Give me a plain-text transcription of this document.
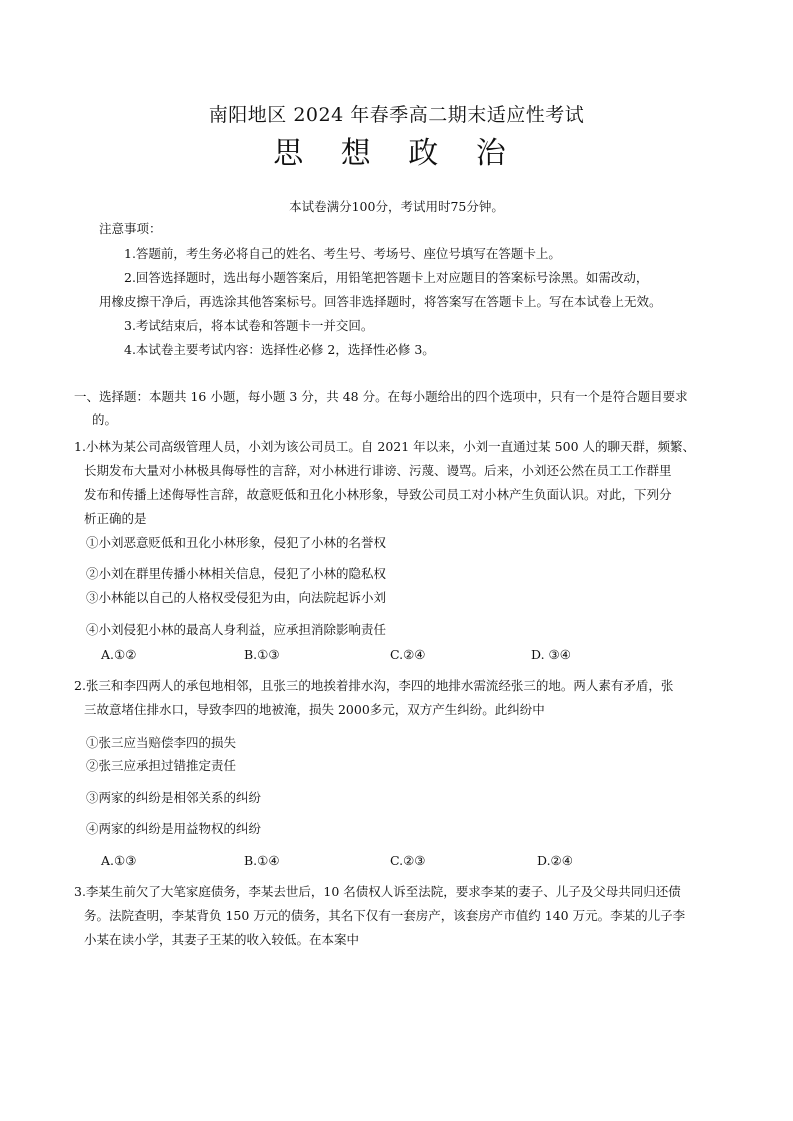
南阳地区 2024 年春季高二期末适应性考试
思 想 政 治
本试卷满分100分，考试用时75分钟。
注意事项：
1.答题前，考生务必将自己的姓名、考生号、考场号、座位号填写在答题卡上。
2.回答选择题时，选出每小题答案后，用铅笔把答题卡上对应题目的答案标号涂黑。如需改动，
用橡皮擦干净后，再选涂其他答案标号。回答非选择题时，将答案写在答题卡上。写在本试卷上无效。
3.考试结束后，将本试卷和答题卡一并交回。
4.本试卷主要考试内容：选择性必修 2，选择性必修 3。
一、选择题：本题共 16 小题，每小题 3 分，共 48 分。在每小题给出的四个选项中，只有一个是符合题目要求
的。
1.小林为某公司高级管理人员，小刘为该公司员工。自 2021 年以来，小刘一直通过某 500 人的聊天群，频繁、
长期发布大量对小林极具侮辱性的言辞，对小林进行诽谤、污蔑、谩骂。后来，小刘还公然在员工工作群里
发布和传播上述侮辱性言辞，故意贬低和丑化小林形象，导致公司员工对小林产生负面认识。对此，下列分
析正确的是
①小刘恶意贬低和丑化小林形象，侵犯了小林的名誉权
②小刘在群里传播小林相关信息，侵犯了小林的隐私权
③小林能以自己的人格权受侵犯为由，向法院起诉小刘
④小刘侵犯小林的最高人身利益，应承担消除影响责任
A.①②	B.①③	C.②④	D. ③④
2.张三和李四两人的承包地相邻，且张三的地挨着排水沟，李四的地排水需流经张三的地。两人素有矛盾，张
三故意堵住排水口，导致李四的地被淹，损失 2000多元，双方产生纠纷。此纠纷中
①张三应当赔偿李四的损失
②张三应承担过错推定责任
③两家的纠纷是相邻关系的纠纷
④两家的纠纷是用益物权的纠纷
A.①③	B.①④	C.②③	D.②④
3.李某生前欠了大笔家庭债务，李某去世后，10 名债权人诉至法院，要求李某的妻子、儿子及父母共同归还债
务。法院查明，李某背负 150 万元的债务，其名下仅有一套房产，该套房产市值约 140 万元。李某的儿子李
小某在读小学，其妻子王某的收入较低。在本案中
